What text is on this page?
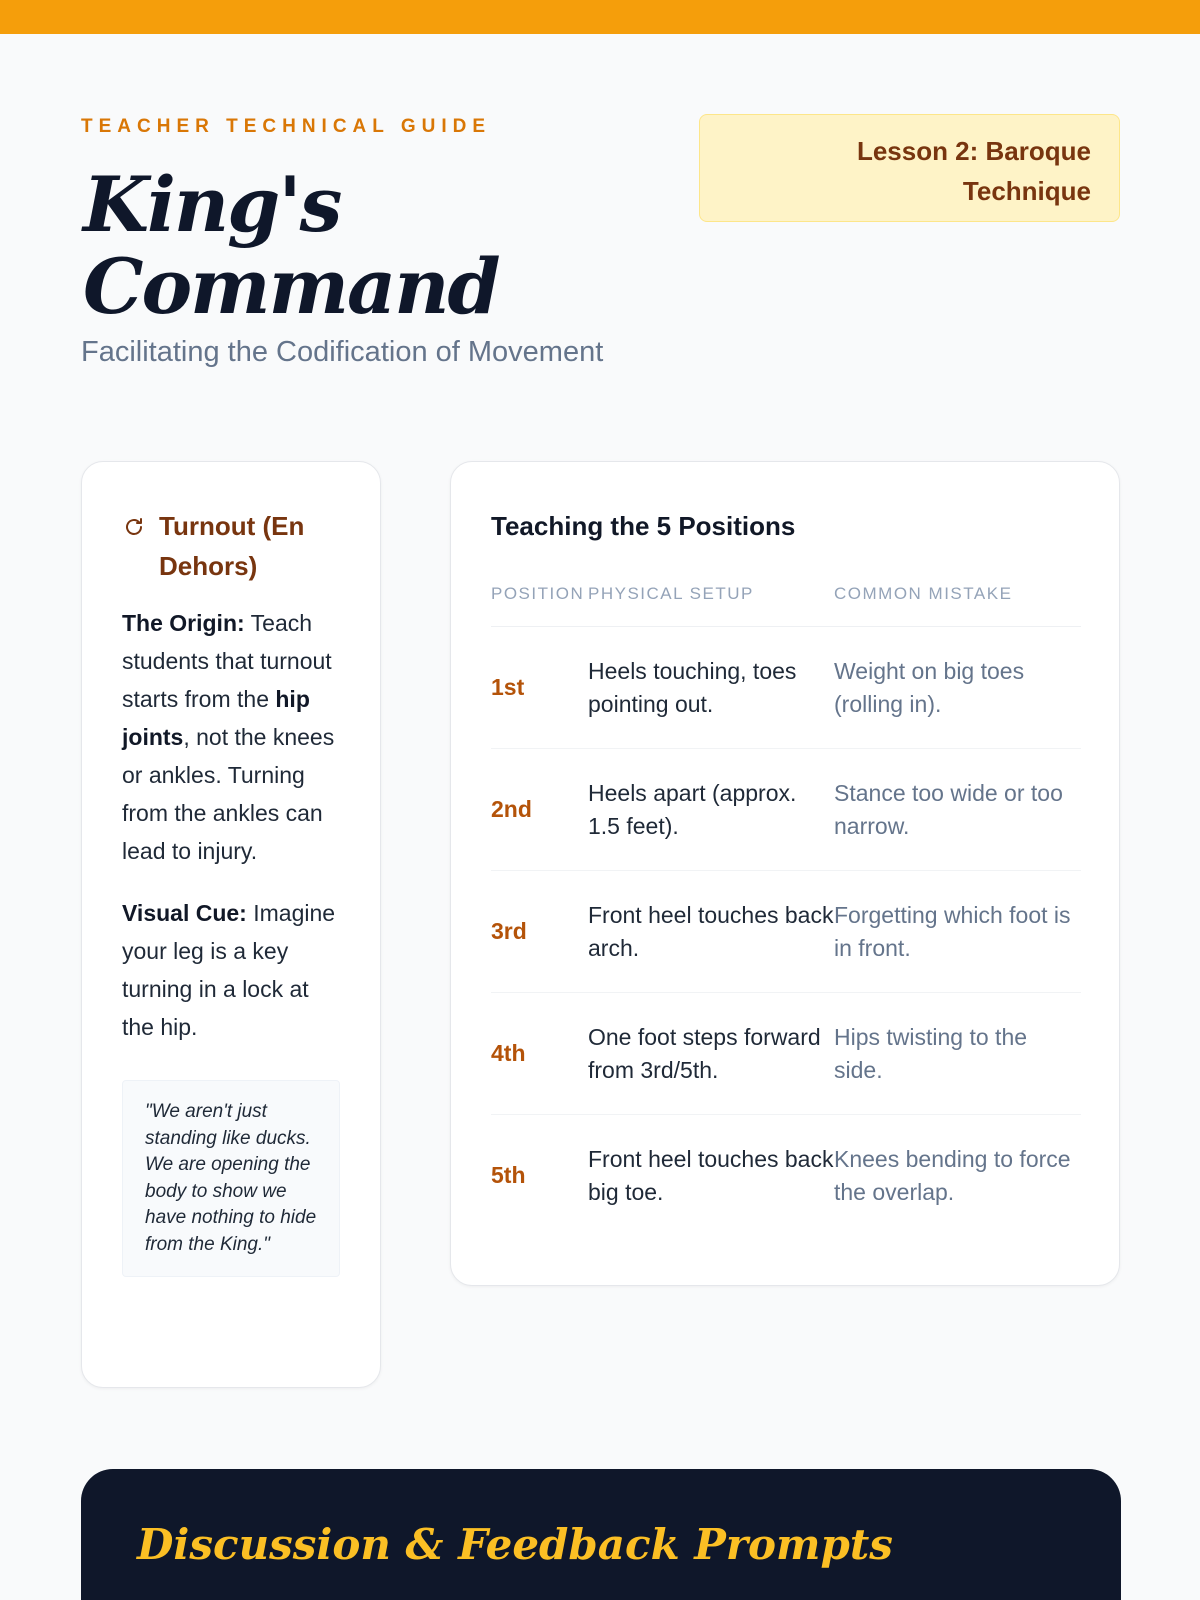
TEACHER TECHNICAL GUIDE
King's Command
Facilitating the Codification of Movement
Lesson 2: Baroque Technique
Turnout (En Dehors)

The Origin: Teach students that turnout starts from the hip joints, not the knees or ankles. Turning from the ankles can lead to injury.

Visual Cue: Imagine your leg is a key turning in a lock at the hip.

"We aren't just standing like ducks. We are opening the body to show we have nothing to hide from the King."
Teaching the 5 Positions
POSITION	PHYSICAL SETUP	COMMON MISTAKE
1st	Heels touching, toes pointing out.	Weight on big toes (rolling in).
2nd	Heels apart (approx. 1.5 feet).	Stance too wide or too narrow.
3rd	Front heel touches back arch.	Forgetting which foot is in front.
4th	One foot steps forward from 3rd/5th.	Hips twisting to the side.
5th	Front heel touches back big toe.	Knees bending to force the overlap.
Discussion & Feedback Prompts
